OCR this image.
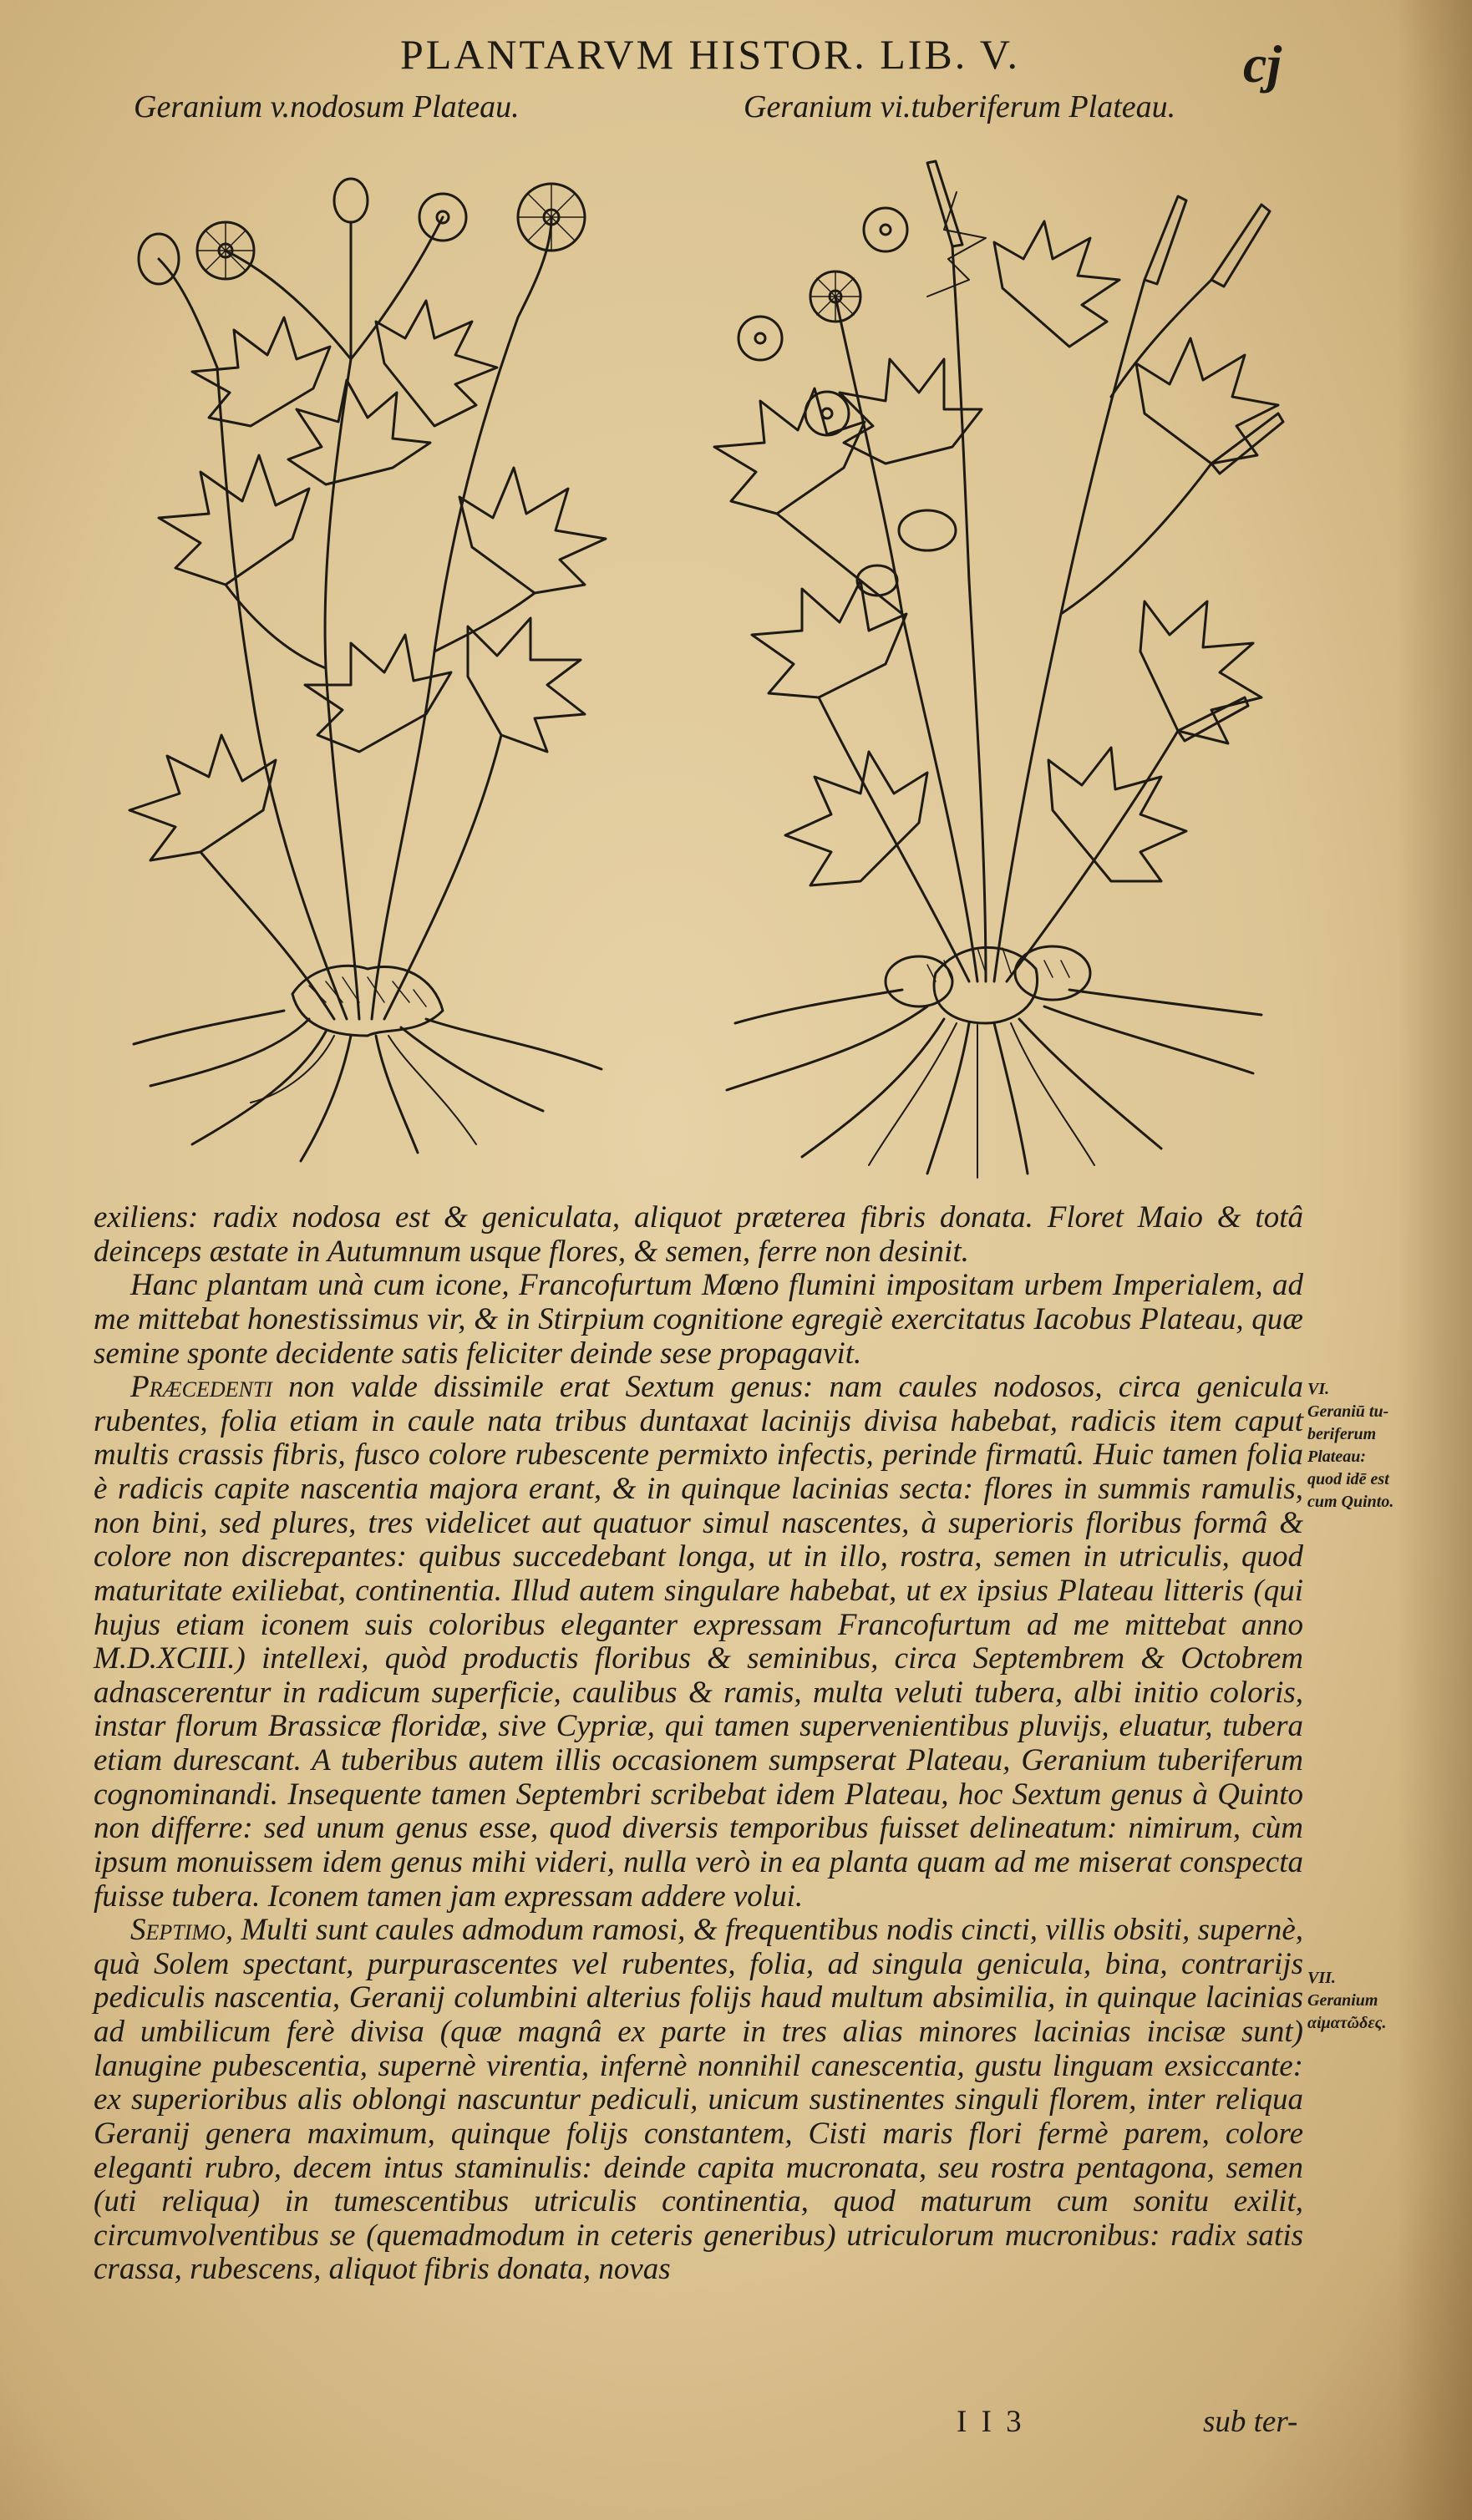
PLANTARVM HISTOR. LIB. V.	cj
Geranium v.nodosum Plateau.	Geranium vi.tuberiferum Plateau.

exiliens: radix nodosa est & geniculata, aliquot præterea fibris donata. Floret Maio & totâ deinceps æstate in Autumnum usque flores, & semen, ferre non desinit.

Hanc plantam unà cum icone, Francofurtum Mœno flumini impositam urbem Imperialem, ad me mittebat honestissimus vir, & in Stirpium cognitione egregiè exercitatus Iacobus Plateau, quæ semine sponte decidente satis feliciter deinde sese propagavit.

Præcedenti non valde dissimile erat Sextum genus: nam caules nodosos, circa genicula rubentes, folia etiam in caule nata tribus duntaxat lacinijs divisa habebat, radicis item caput multis crassis fibris, fusco colore rubescente permixto infectis, perinde firmatû. Huic tamen folia è radicis capite nascentia majora erant, & in quinque lacinias secta: flores in summis ramulis, non bini, sed plures, tres videlicet aut quatuor simul nascentes, à superioris floribus formâ & colore non discrepantes: quibus succedebant longa, ut in illo, rostra, semen in utriculis, quod maturitate exiliebat, continentia. Illud autem singulare habebat, ut ex ipsius Plateau litteris (qui hujus etiam iconem suis coloribus eleganter expressam Francofurtum ad me mittebat anno M.D.XCIII.) intellexi, quòd productis floribus & seminibus, circa Septembrem & Octobrem adnascerentur in radicum superficie, caulibus & ramis, multa veluti tubera, albi initio coloris, instar florum Brassicæ floridæ, sive Cypriæ, qui tamen supervenientibus pluvijs, eluatur, tubera etiam durescant. A tuberibus autem illis occasionem sumpserat Plateau, Geranium tuberiferum cognominandi. Insequente tamen Septembri scribebat idem Plateau, hoc Sextum genus à Quinto non differre: sed unum genus esse, quod diversis temporibus fuisset delineatum: nimirum, cùm ipsum monuissem idem genus mihi videri, nulla verò in ea planta quam ad me miserat conspecta fuisse tubera. Iconem tamen jam expressam addere volui.

Septimo, Multi sunt caules admodum ramosi, & frequentibus nodis cincti, villis obsiti, supernè, quà Solem spectant, purpurascentes vel rubentes, folia, ad singula genicula, bina, contrarijs pediculis nascentia, Geranij columbini alterius folijs haud multum absimilia, in quinque lacinias ad umbilicum ferè divisa (quæ magnâ ex parte in tres alias minores lacinias incisæ sunt) lanugine pubescentia, supernè virentia, infernè nonnihil canescentia, gustu linguam exsiccante: ex superioribus alis oblongi nascuntur pediculi, unicum sustinentes singuli florem, inter reliqua Geranij genera maximum, quinque folijs constantem, Cisti maris flori fermè parem, colore eleganti rubro, decem intus staminulis: deinde capita mucronata, seu rostra pentagona, semen (uti reliqua) in tumescentibus utriculis continentia, quod maturum cum sonitu exilit, circumvolventibus se (quemadmodum in ceteris generibus) utriculorum mucronibus: radix satis crassa, rubescens, aliquot fibris donata, novas

VI.
Geraniū tu-
beriferum
Plateau:
quod idē est
cum Quinto.
VII.
Geranium
αἱματῶδες.
I I 3	sub ter-
